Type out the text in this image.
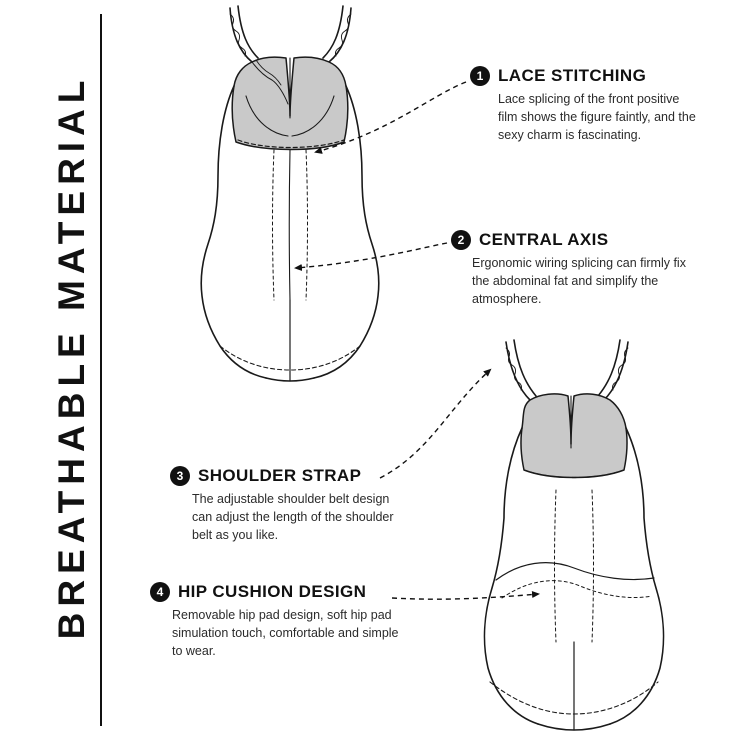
BREATHABLE MATERIAL	1 LACE STITCHING
Lace splicing of the front positive film shows the figure faintly, and the sexy charm is fascinating.
2 CENTRAL AXIS
Ergonomic wiring splicing can firmly fix the abdominal fat and simplify the atmosphere.
3 SHOULDER STRAP
The adjustable shoulder belt design can adjust the length of the shoulder belt as you like.
4 HIP CUSHION DESIGN
Removable hip pad design, soft hip pad simulation touch, comfortable and simple to wear.
